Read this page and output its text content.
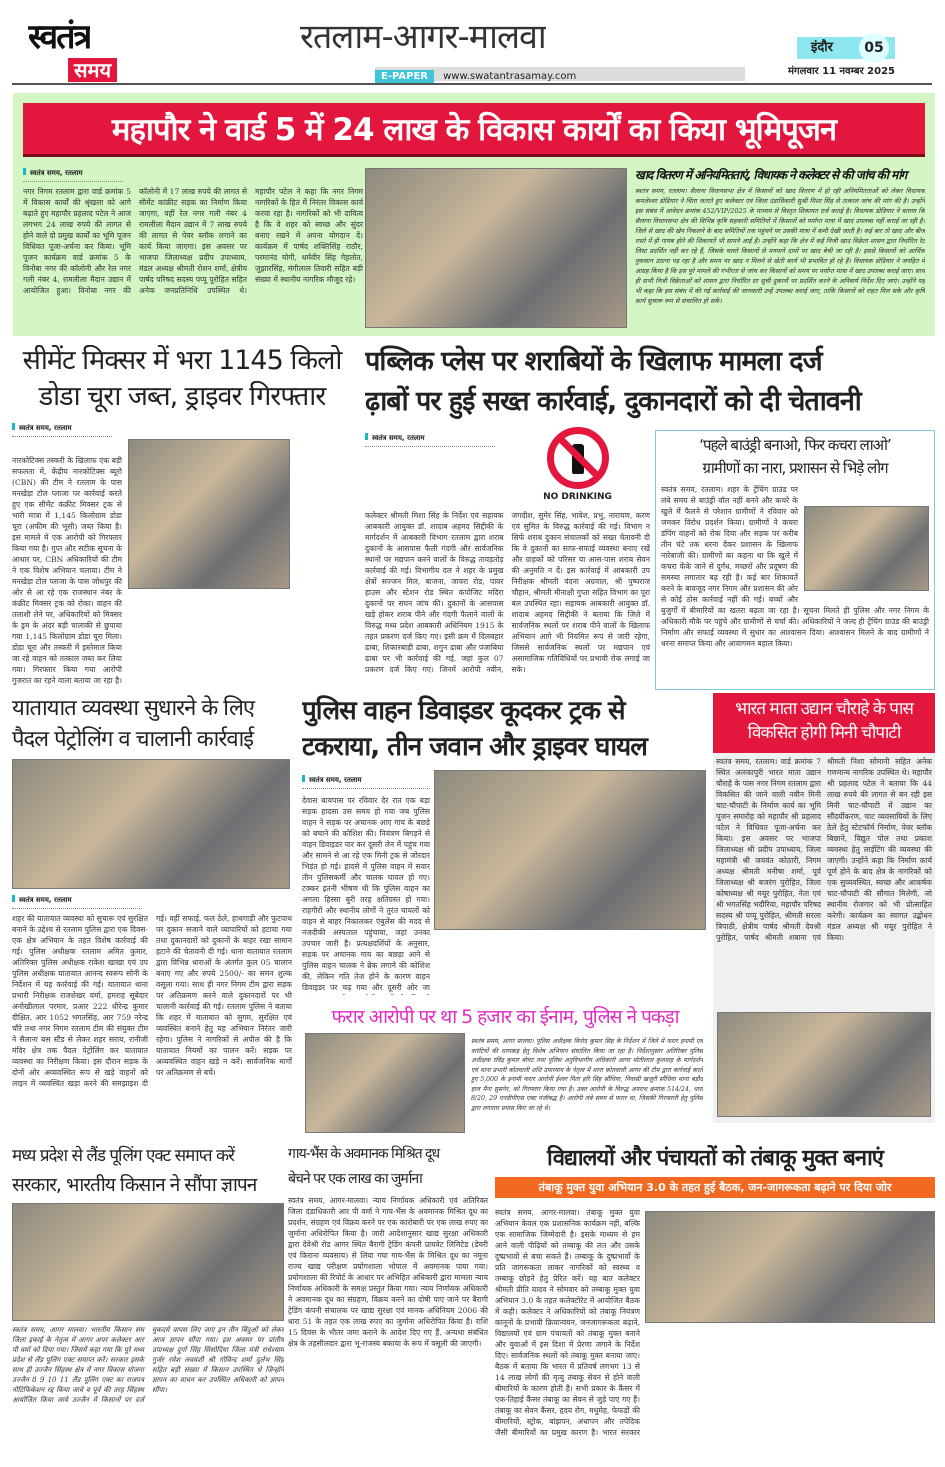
स्वतंत्र
समय
रतलाम-आगर-मालवा
E-PAPER www.swatantrasamay.com
इंदौर	05
मंगलवार 11 नवम्बर 2025
महापौर ने वार्ड 5 में 24 लाख के विकास कार्यों का किया भूमिपूजन
स्वतंत्र समय, रतलाम
नगर निगम रतलाम द्वारा वार्ड क्रमांक 5 में विकास कार्यों की श्रृंखला को आगे बढ़ाते हुए महापौर प्रहलाद पटेल ने आज लगभग 24 लाख रुपये की लागत से होने वाले दो प्रमुख कार्यों का भूमि पूजन विधिवत पूजा-अर्चना कर किया। भूमि पूजन कार्यक्रम वार्ड क्रमांक 5 के विनोबा नगर की कॉलोनी और रेल नगर गली नंबर 4, रामलीला मैदान उद्यान में आयोजित हुआ। विनोबा नगर की कॉलोनी में 17 लाख रुपये की लागत से सीमेंट कांक्रीट सड़क का निर्माण किया जाएगा, वहीं रेल नगर गली नंबर 4 रामलीला मैदान उद्यान में 7 लाख रुपये की लागत से पेवर ब्लॉक लगाने का कार्य किया जाएगा। इस अवसर पर भाजपा जिलाध्यक्ष प्रदीप उपाध्याय, मंडल अध्यक्ष श्रीमती रोशन शर्मा, क्षेत्रीय पार्षद परिषद सदस्य पप्पू पुरोहित सहित अनेक जनप्रतिनिधि उपस्थित थे। महापौर पटेल ने कहा कि नगर निगम नागरिकों के हित में निरंतर विकास कार्य करवा रहा है। नागरिकों को भी दायित्व है कि वे शहर को स्वच्छ और सुंदर बनाए रखने में अपना योगदान दें। कार्यक्रम में पार्षद शक्तिसिंह राठौर, परमानंद योगी, धर्मवीर सिंह गेहलोत, जुझारसिंह, मंगीलाल तिवारी सहित बड़ी संख्या में स्थानीय नागरिक मौजूद रहे।
खाद वितरण में अनियमितताएं, विधायक ने कलेक्टर से की जांच की मांग
स्वतंत्र समय, रतलाम। सैलाना विधानसभा क्षेत्र में किसानों को खाद वितरण में हो रही अनियमितताओं को लेकर विधायक कमलेश्वर डोडियार ने चिंता जताते हुए कलेक्टर एवं जिला दंडाधिकारी सुश्री मिशा सिंह से तत्काल जांच की मांग की है। उन्होंने इस संबंध में आवेदन क्रमांक 452/VIP/2025 के माध्यम से विस्तृत शिकायत दर्ज कराई है। विधायक डोडियार ने बताया कि सैलाना विधानसभा क्षेत्र की विभिन्न कृषि सहकारी समितियों में किसानों को पर्याप्त मात्रा में खाद उपलब्ध नहीं कराई जा रही है। जिले से खाद की खेप निकलने के बाद समितियों तक पहुंचने पर उसकी मात्रा में कमी देखी जाती है। कई बार तो खाद और बीज रास्ते में ही गायब होने की शिकायतें भी सामने आई हैं। उन्होंने कहा कि क्षेत्र में कई निजी खाद विक्रेता शासन द्वारा निर्धारित रेट लिस्ट प्रदर्शित नहीं कर रहे हैं, जिसके चलते किसानों से मनमाने दामों पर खाद बेची जा रही है। इससे किसानों को आर्थिक नुकसान उठाना पड़ रहा है और समय पर खाद न मिलने से खेती कार्य भी प्रभावित हो रहे हैं। विधायक डोडियार ने जनहित में आग्रह किया है कि इस पूरे मामले की गंभीरता से जांच कर किसानों को समय पर पर्याप्त मात्रा में खाद उपलब्ध कराई जाए। साथ ही सभी निजी विक्रेताओं को शासन द्वारा निर्धारित दर सूची दुकानों पर प्रदर्शित करने के अनिवार्य निर्देश दिए जाएं। उन्होंने यह भी कहा कि इस संबंध में की गई कार्रवाई की जानकारी उन्हें उपलब्ध कराई जाए, ताकि किसानों को राहत मिल सके और कृषि कार्य सुचारू रूप से संचालित हो सकें।
सीमेंट मिक्सर में भरा 1145 किलो
डोडा चूरा जब्त, ड्राइवर गिरफ्तार
स्वतंत्र समय, रतलाम
नारकोटिक्स तस्करी के खिलाफ एक बड़ी सफलता में, केंद्रीय नारकोटिक्स ब्यूरो (CBN) की टीम ने रतलाम के पास मनखेड़ा टोल प्लाजा पर कार्रवाई करते हुए एक सीमेंट कंक्रीट मिक्सर ट्रक से भारी मात्रा में 1,145 किलोग्राम डोडा चूरा (अफीम की भूसी) जब्त किया है। इस मामले में एक आरोपी को गिरफ्तार किया गया है। गुप्त और सटीक सूचना के आधार पर, CBN अधिकारियों की टीम ने एक विशेष अभियान चलाया। टीम ने मनखेड़ा टोल प्लाजा के पास जोधपुर की ओर से आ रहे एक राजस्थान नंबर के कंक्रीट मिक्सर ट्रक को रोका। वाहन की तलाशी लेने पर, अधिकारियों को मिक्सर के ड्रम के अंदर बड़ी चालाकी से छुपाया गया 1,145 किलोग्राम डोडा चूरा मिला। डोडा चूरा और तस्करी में इस्तेमाल किया जा रहे वाहन को तत्काल जब्त कर लिया गया। गिरफ्तार किया गया आरोपी गुजरात का रहने वाला बताया जा रहा है।
पब्लिक प्लेस पर शराबियों के खिलाफ मामला दर्ज
ढ़ाबों पर हुई सख्त कार्रवाई, दुकानदारों को दी चेतावनी
स्वतंत्र समय, रतलाम
NO DRINKING
कलेक्टर श्रीमती मिशा सिंह के निर्देश एवं सहायक आबकारी आयुक्त डॉ. शादाब अहमद सिद्दीकी के मार्गदर्शन में आबकारी विभाग रतलाम द्वारा शराब दुकानों के आसपास फैली गंदगी और सार्वजनिक स्थानों पर मद्यपान करने वालों के विरुद्ध तावड़तोड़ कार्रवाई की गई। विभागीय दल ने शहर के प्रमुख क्षेत्रों सज्जन मिल, बाजना, जावरा रोड, पावर हाउस और स्टेशन रोड स्थित कंपोजिट मदिरा दुकानों पर सघन जांच की। दुकानों के आसपास खड़े होकर शराब पीने और गंदगी फैलाने वालों के विरुद्ध मध्य प्रदेश आबकारी अधिनियम 1915 के तहत प्रकरण दर्ज किए गए। इसी क्रम में दिलबहार ढाबा, शिकारबाड़ी ढाबा, शगुन ढाबा और पंजाबिया ढाबा पर भी कार्रवाई की गई, जहां कुल 07 प्रकरण दर्ज किए गए। जिनमें आरोपी नवीन, जगदीश, सुमेर सिंह, भावेश, प्रभु, नारायण, करण एवं सुमित के विरुद्ध कार्रवाई की गई। विभाग न सिर्फ शराब दुकान संचालकों को सख्त चेतावनी दी कि वे दुकानों का साफ-सफाई व्यवस्था बनाए रखें और ग्राहकों को परिसर या आस-पास शराब सेवन की अनुमति न दें। इस कार्रवाई में आबकारी उप निरीक्षक श्रीमती वंदना अग्रवाल, श्री पुष्पराज चौहान, श्रीमती मीनाक्षी गुप्ता सहित विभाग का पूरा बल उपस्थित रहा। सहायक आबकारी आयुक्त डॉ. शादाब अहमद सिद्दीकी ने बताया कि जिले में सार्वजनिक स्थलों पर शराब पीने वालों के खिलाफ अभियान आगे भी नियमित रूप से जारी रहेगा, जिससे सार्वजनिक स्थलों पर मद्यपान एवं असामाजिक गतिविधियों पर प्रभावी रोक लगाई जा सके।
‘पहले बाउंड्री बनाओ, फिर कचरा लाओ’
ग्रामीणों का नारा, प्रशासन से भिड़े लोग
स्वतंत्र समय, रतलाम। शहर के ट्रेंचिंग ग्राउंड पर लंबे समय से बाउंड्री वॉल नहीं बनने और कचरे के खुले में फैलने से परेशान ग्रामीणों ने रविवार को जमकर विरोध प्रदर्शन किया। ग्रामीणों ने कचरा डंपिंग वाहनों को रोक दिया और सड़क पर करीब तीन घंटे तक धरना देकर प्रशासन के खिलाफ नारेबाजी की। ग्रामीणों का कहना था कि खुले में कचरा फेंके जाने से दुर्गंध, मच्छरों और प्रदूषण की समस्या लगातार बढ़ रही है। कई बार शिकायतें करने के बावजूद नगर निगम और प्रशासन की ओर से कोई ठोस कार्रवाई नहीं की गई। बच्चों और बुजुर्गों में बीमारियों का खतरा बढ़ता जा रहा है। सूचना मिलते ही पुलिस और नगर निगम के अधिकारी मौके पर पहुंचे और ग्रामीणों से चर्चा की। अधिकारियों ने जल्द ही ट्रेंचिंग ग्राउंड की बाउंड्री निर्माण और सफाई व्यवस्था में सुधार का आश्वासन दिया। आश्वासन मिलने के बाद ग्रामीणों ने धरना समाप्त किया और आवागमन बहाल किया।
यातायात व्यवस्था सुधारने के लिए
पैदल पेट्रोलिंग व चालानी कार्रवाई
स्वतंत्र समय, रतलाम
शहर की यातायात व्यवस्था को सुचारू एवं सुरक्षित बनाने के उद्देश्य से रतलाम पुलिस द्वारा एक दिवस-एक क्षेत्र अभियान के तहत विशेष कार्रवाई की गई। पुलिस अधीक्षक रतलाम अमित कुमार, अतिरिक्त पुलिस अधीक्षक राकेश खाखा एवं उप पुलिस अधीक्षक यातायात आनन्द स्वरूप सोनी के निर्देशन में यह कार्रवाई की गई। यातायात थाना प्रभारी निरीक्षक राजशेखर वर्मा, हमराह सूबेदार अनोखीलाल परमार, प्रआर 222 धीरेन्द्र कुमार दीक्षित, आर 1052 भगतसिंह, आर 759 नरेन्द्र चौरे तथा नगर निगम रतलाम टीम की संयुक्त टीम ने सैलाना बस स्टैंड से लेकर शहर सराय, रानीजी मंदिर क्षेत्र तक पैदल पेट्रोलिंग कर यातायात व्यवस्था का निरीक्षण किया। इस दौरान सड़क के दोनों ओर अव्यवस्थित रूप से खड़े वाहनों को लाइन में व्यवस्थित खड़ा करने की समझाइश दी गई। वहीं सफाई, फल ठेले, हाथगाड़ी और फुटपाथ पर दुकान सजाने वाले व्यापारियों को हटाया गया तथा दुकानदारों को दुकानों के बाहर रखा सामान हटाने की चेतावनी दी गई। थाना यातायात रतलाम द्वारा विभिन्न धाराओं के अंतर्गत कुल 05 चालान बनाए गए और रुपये 2500/- का समन शुल्क वसूला गया। साथ ही नगर निगम टीम द्वारा सड़क पर अतिक्रमण करने वाले दुकानदारों पर भी चालानी कार्रवाई की गई। रतलाम पुलिस ने बताया कि शहर में यातायात को सुगम, सुरक्षित एवं व्यवस्थित बनाने हेतु यह अभियान निरंतर जारी रहेगा। पुलिस ने नागरिकों से अपील की है कि यातायात नियमों का पालन करें। सड़क पर अव्यवस्थित वाहन खड़े न करें। सार्वजनिक मार्गों पर अतिक्रमण से बचें।
पुलिस वाहन डिवाइडर कूदकर ट्रक से
टकराया, तीन जवान और ड्राइवर घायल
स्वतंत्र समय, रतलाम
देवास बायपास पर रविवार देर रात एक बड़ा सड़क हादसा उस समय हो गया जब पुलिस वाहन ने सड़क पर अचानक आए गाय के बछड़े को बचाने की कोशिश की। नियंत्रण बिगड़ने से वाहन डिवाइडर पार कर दूसरी लेन में पहुंच गया और सामने से आ रहे एक मिनी ट्रक से जोरदार भिड़ंत हो गई। हादसे में पुलिस वाहन में सवार तीन पुलिसकर्मी और चालक घायल हो गए। टक्कर इतनी भीषण थी कि पुलिस वाहन का अगला हिस्सा बुरी तरह क्षतिग्रस्त हो गया। राहगीरों और स्थानीय लोगों ने तुरंत घायलों को वाहन से बाहर निकालकर एंबुलेंस की मदद से नजदीकी अस्पताल पहुंचाया, जहां उनका उपचार जारी है। प्रत्यक्षदर्शियों के अनुसार, सड़क पर अचानक गाय का बछड़ा आने से पुलिस वाहन चालक ने ब्रेक लगाने की कोशिश की, लेकिन गति तेज होने के कारण वाहन डिवाइडर पर चढ़ गया और दूसरी ओर जा
भारत माता उद्यान चौराहे के पास विकसित होगी मिनी चौपाटी
स्वतंत्र समय, रतलाम। वार्ड क्रमांक 7 स्थित अलकापुरी भारत माता उद्यान चौराहे के पास नगर निगम रतलाम द्वारा विकसित की जाने वाली नवीन मिनी चाट-चौपाटी के निर्माण कार्य का भूमि पूजन समारोह को महापौर श्री प्रहलाद पटेल ने विधिवत पूजा-अर्चना कर किया। इस अवसर पर भाजपा जिलाध्यक्ष श्री प्रदीप उपाध्याय, जिला महामंत्री श्री जयवंत कोठारी, निगम अध्यक्ष श्रीमती मनीषा शर्मा, पूर्व जिलाध्यक्ष श्री बजरंग पुरोहित, जिला कोषाध्यक्ष श्री मयूर पुरोहित, नेता एवं श्री भगतसिंह भदौरिया, महापौर परिषद सदस्य श्री पप्पू पुरोहित, श्रीमती सरला त्रिपाठी, क्षेत्रीय पार्षद श्रीमती देवश्री पुरोहित, पार्षद श्रीमती शबाना एवं श्रीमती निशा सोमानी सहित अनेक गणमान्य नागरिक उपस्थित थे। महापौर श्री प्रहलाद पटेल ने बताया कि 44 लाख रुपये की लागत से बन रही इस मिनी चाट-चौपाटी में उद्यान का सौंदर्यीकरण, चाट व्यवसायियों के लिए ठेले हेतु स्टेटफॉर्म निर्माण, पेवर ब्लॉक बिछाने, विद्युत पोल तथा प्रकाश व्यवस्था हेतु लाईटिंग की व्यवस्था की जाएगी। उन्होंने कहा कि निर्माण कार्य पूर्ण होने के बाद क्षेत्र के नागरिकों को एक सुव्यवस्थित, स्वच्छ और आकर्षक चाट-चौपाटी की सौगात मिलेगी, जो स्थानीय रोजगार को भी प्रोत्साहित करेगी। कार्यक्रम का स्वागत उद्बोधन मंडल अध्यक्ष श्री मयूर पुरोहित ने किया।
फरार आरोपी पर था 5 हजार का ईनाम, पुलिस ने पकड़ा
स्वतंत्र समय, आगर मालवा। पुलिस अधीक्षक विनोद कुमार सिंह के निर्देशन में जिले में फरार इनामी एवं वारंटियों की धरपकड़ हेतु विशेष अभियान संचालित किया जा रहा है। निर्देशानुसार अतिरिक्त पुलिस अधीक्षक रविंद्र कुमार बोयट तथा पुलिस अनुविभागीय अधिकारी आगर मोतीलाल कुशवाह के मार्गदर्शन एवं थाना प्रभारी कोतवाली शशि उपाध्याय के नेतृत्व में थाना कोतवाली आगर की टीम द्वारा कार्रवाई करते हुए 5,000 के इनामी फरार आरोपी ईश्वर पिता हरि सिंह सौंधिया, निवासी खजूरी सौंधिया थाना बड़ौद हाल मैना सुसनेर, को गिरफ्तार किया गया है। उक्त आरोपी के विरुद्ध अपराध क्रमांक 514/24, धारा 8/20, 29 एनडीपीएस एक्ट पंजीबद्ध है। आरोपी लंबे समय से फरार था, जिसकी गिरफ्तारी हेतु पुलिस द्वारा लगातार प्रयास किए जा रहे थे।
मध्य प्रदेश से लैंड पूलिंग एक्ट समाप्त करें
सरकार, भारतीय किसान ने सौंपा ज्ञापन
स्वतंत्र समय, आगर मालवा। भारतीय किसान संघ जिला इकाई के नेतृत्व में आगर अपर कलेक्टर आर पी वर्मा को दिया गया। जिसमें कहा गया कि पूरे मध्य प्रदेश से लैंड पूलिंग एक्ट समाप्त करें। सरकार इसके साथ ही उज्जैन सिंहस्थ क्षेत्र में नगर विकास योजना उज्जैन 8 9 10 11 लैंड पूलिंग एक्ट का राजपत्र नोटिफिकेशन रद्द किया जावे व पूर्व की तरह सिंहस्थ आयोजित किया जावे उज्जैन में किसानों पर दर्ज मुकदमे वापस लिए जाएं इन तीन बिंदुओं को लेकर आज ज्ञापन सौंपा गया। इस अवसर पर प्रांतीय उपाध्यक्ष दुर्गा सिंह सिसोदिया जिला मंत्री राधेश्याम गुर्जर रमेश लववंशी श्री गोविन्द शर्मा दुर्लभ सिंह सहित बड़ी संख्या में किसान उपस्थित थे जिन्होंने ज्ञापन का वाचन कर उपस्थित अधिकारी को ज्ञापन सौंपा।
गाय-भैंस के अवमानक मिश्रित दूध
बेचने पर एक लाख का जुर्माना
स्वतंत्र समय, आगर-मालवा। न्याय निर्णायक अधिकारी एवं अतिरिक्त जिला दंडाधिकारी आर पी वर्मा ने गाय-भैंस के अवमानक मिश्रित दूध का प्रदर्शन, संग्रहण एवं विक्रय करने पर एक कारोबारी पर एक लाख रुपए का जुर्माना अधिरोपित किया है। जारी आदेशानुसार खाद्य सुरक्षा अधिकारी द्वारा देवेश्री रोड आगर स्थित बैरागी ट्रेडिंग कंपनी प्रायवेट लिमिटेड (डेयरी एवं किराना व्यवसाय) से लिया गया गाय-भैंस के मिश्रित दूध का नमूना राज्य खाद्य परीक्षण प्रयोगशाला भोपाल में अवमानक पाया गया। प्रयोगशाला की रिपोर्ट के आधार पर अभिहित अधिकारी द्वारा मामला न्याय निर्णायक अधिकारी के समक्ष प्रस्तुत किया गया। न्याय निर्णायक अधिकारी ने अवमानक दूध का संग्रहण, विक्रय करने का दोषी पाए जाने पर बैरागी ट्रेडिंग कंपनी संचालक पर खाद्य सुरक्षा एवं मानक अधिनियम 2006 की धारा 51 के तहत एक लाख रुपए का जुर्माना अधिरोपित किया है। राशि 15 दिवस के भीतर जमा कराने के आदेश दिए गए हैं, अन्यथा संबंधित क्षेत्र के तहसीलदार द्वारा भू-राजस्व बकाया के रूप में वसूली की जाएगी।
विद्यालयों और पंचायतों को तंबाकू मुक्त बनाएं
तंबाकू मुक्त युवा अभियान 3.0 के तहत हुई बैठक, जन-जागरूकता बढ़ाने पर दिया जोर
स्वतंत्र समय, आगर-मालवा। तंबाकू मुक्त युवा अभियान केवल एक प्रशासनिक कार्यक्रम नहीं, बल्कि एक सामाजिक जिम्मेदारी है। इसके माध्यम से हम आने वाली पीढ़ियों को तम्बाकू की लत और उसके दुष्प्रभावों से बचा सकते हैं। तम्बाकू के दुष्प्रभावों के प्रति जागरूकता लाकर नागरिकों को स्वस्थ्य व तम्बाकू छोड़ने हेतु प्रेरित करें। यह बात कलेक्टर श्रीमती प्रीति यादव ने सोमवार को तम्बाकू मुक्त युवा अभियान 3.0 के तहत कलेक्टोरेट में आयोजित बैठक में कही। कलेक्टर ने अधिकारियों को तंबाकू नियंत्रण कानूनों के प्रभावी क्रियान्वयन, जनजागरूकता बढ़ाने, विद्यालयों एवं ग्राम पंचायतों को तंबाकू मुक्त बनाने और युवाओं में इस दिशा में प्रेरणा जगाने के निर्देश दिए। सार्वजनिक स्थलों को तंबाकू मुक्त बनाया जाए। बैठक में बताया कि भारत में प्रतिवर्ष लगभग 13 से 14 लाख लोगों की मृत्यु तंबाकू सेवन से होने वाली बीमारियों के कारण होती है। सभी प्रकार के कैंसर में एक-तिहाई कैंसर तंबाकू का सेवन से जुड़े पाए गए हैं। तंबाकू का सेवन कैंसर, हृदय रोग, मधुमेह, फेफड़ों की बीमारियों, स्ट्रोक, बांझपन, अंधापन और तपेदिक जैसी बीमारियों का प्रमुख कारण है। भारत सरकार
